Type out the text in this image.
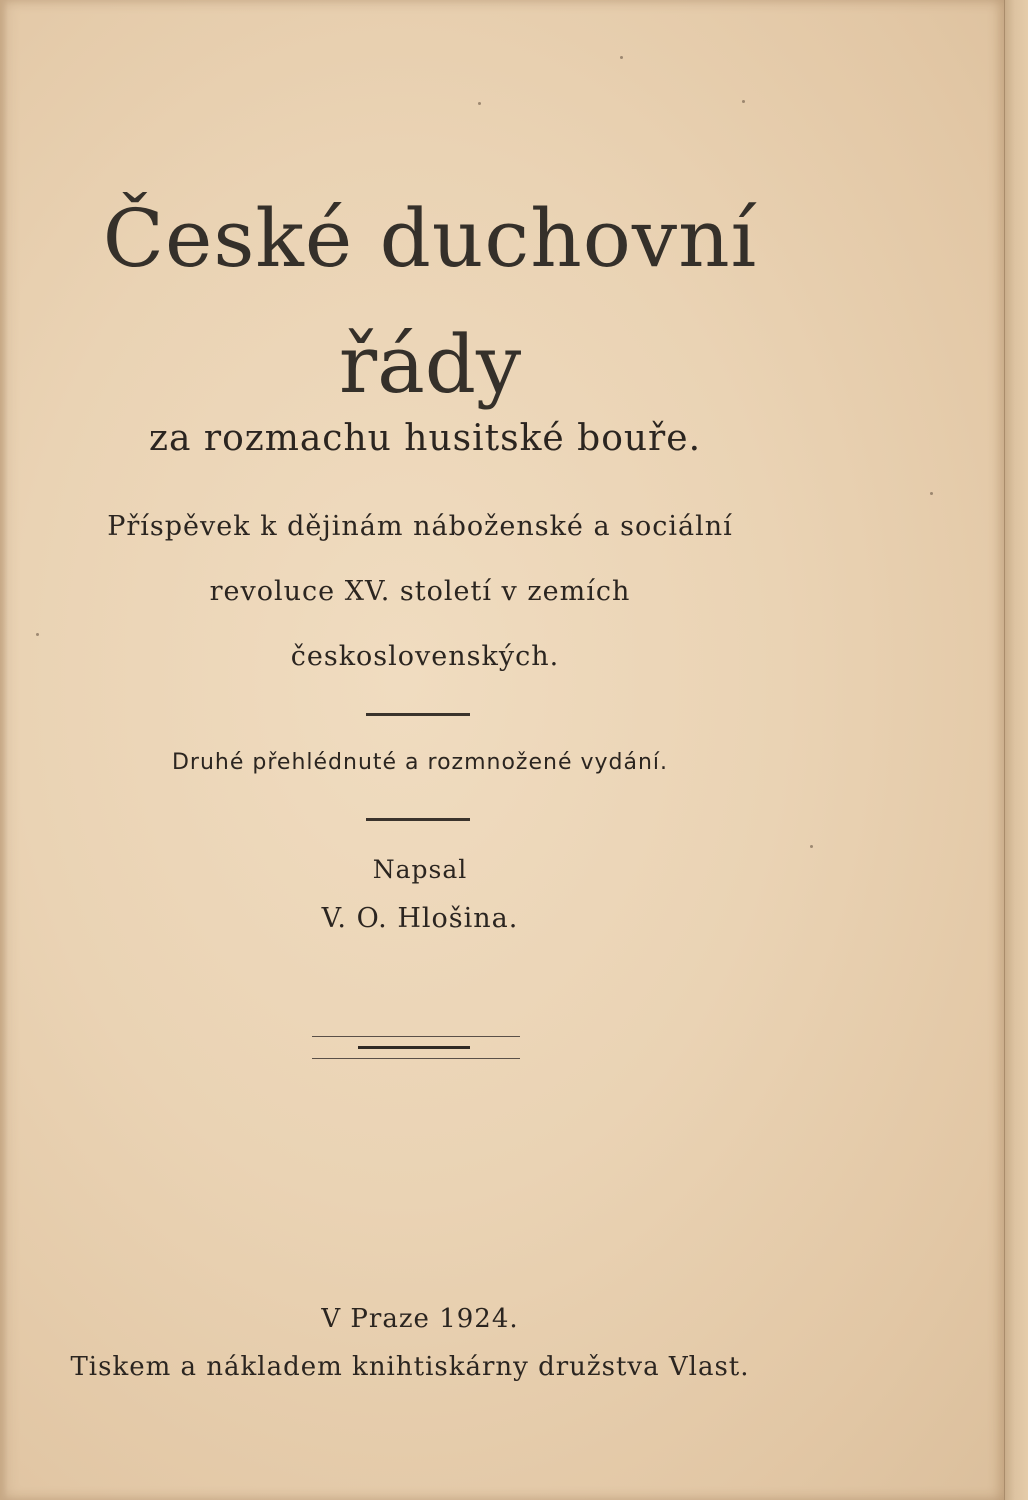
České duchovní
řády
za rozmachu husitské bouře.
Příspěvek k dějinám náboženské a sociální
revoluce XV. století v zemích
československých.
Druhé přehlédnuté a rozmnožené vydání.
Napsal
V. O. Hlošina.
V Praze 1924.
Tiskem a nákladem knihtiskárny družstva Vlast.
